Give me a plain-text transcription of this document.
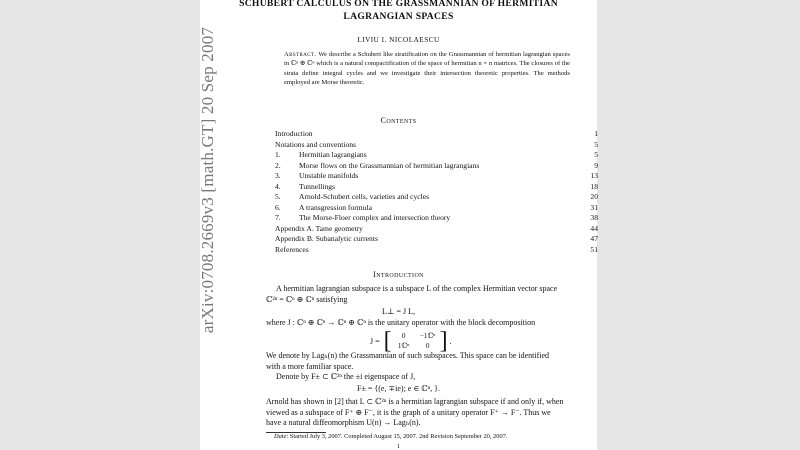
SCHUBERT CALCULUS ON THE GRASSMANNIAN OF HERMITIAN
LAGRANGIAN SPACES
LIVIU I. NICOLAESCU
Abstract. We describe a Schubert like stratification on the Grassmannian of hermitian lagrangian spaces in ℂⁿ ⊕ ℂⁿ which is a natural compactification of the space of hermitian n × n matrices. The closures of the strata define integral cycles and we investigate their intersection theoretic properties. The methods employed are Morse theoretic.
Contents
Introduction	1
Notations and conventions	5
1.	Hermitian lagrangians	5
2.	Morse flows on the Grassmannian of hermitian lagrangians	9
3.	Unstable manifolds	13
4.	Tunnellings	18
5.	Arnold-Schubert cells, varieties and cycles	20
6.	A transgression formula	31
7.	The Morse-Floer complex and intersection theory	38
Appendix A. Tame geometry	44
Appendix B. Subanalytic currents	47
References	51
Introduction
A hermitian lagrangian subspace is a subspace L of the complex Hermitian vector space
ℂ²ⁿ = ℂⁿ ⊕ ℂⁿ satisfying
L⊥ = J L,
where J : ℂⁿ ⊕ ℂⁿ → ℂⁿ ⊕ ℂⁿ is the unitary operator with the block decomposition
J = [	0	−1ℂⁿ
1ℂⁿ	0 ] .
We denote by Lagₕ(n) the Grassmannian of such subspaces. This space can be identified
with a more familiar space.
Denote by F± ⊂ ℂ²ⁿ the ±i eigenspace of J,
F± = {(e, ∓ie); e ∈ ℂⁿ, }.
Arnold has shown in [2] that L ⊂ ℂ²ⁿ is a hermitian lagrangian subspace if and only if, when
viewed as a subspace of F⁺ ⊕ F⁻, it is the graph of a unitary operator F⁺ → F⁻. Thus we
have a natural diffeomorphism U(n) → Lagₕ(n).
Date: Started July 3, 2007. Completed August 15, 2007. 2nd Revision September 20, 2007.
1
arXiv:0708.2669v3 [math.GT] 20 Sep 2007
